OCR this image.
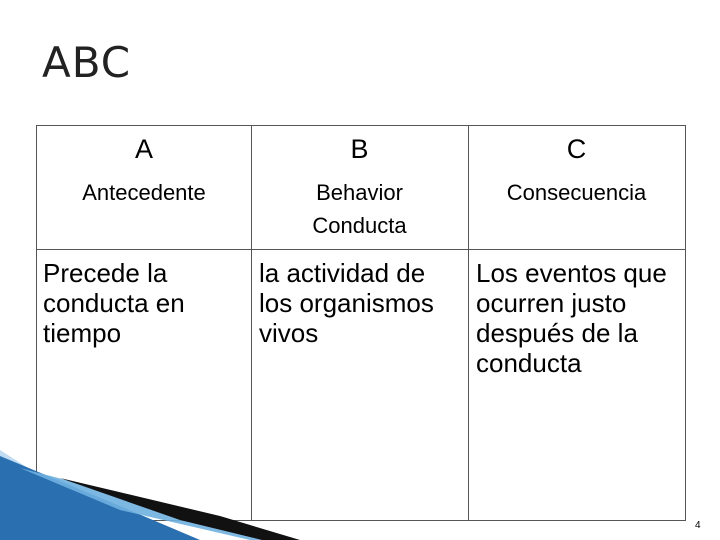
ABC
A
Antecedente
B
Behavior Conducta
C
Consecuencia
Precede la conducta en tiempo
la actividad de los organismos vivos
Los eventos que ocurren justo después de la conducta
4
